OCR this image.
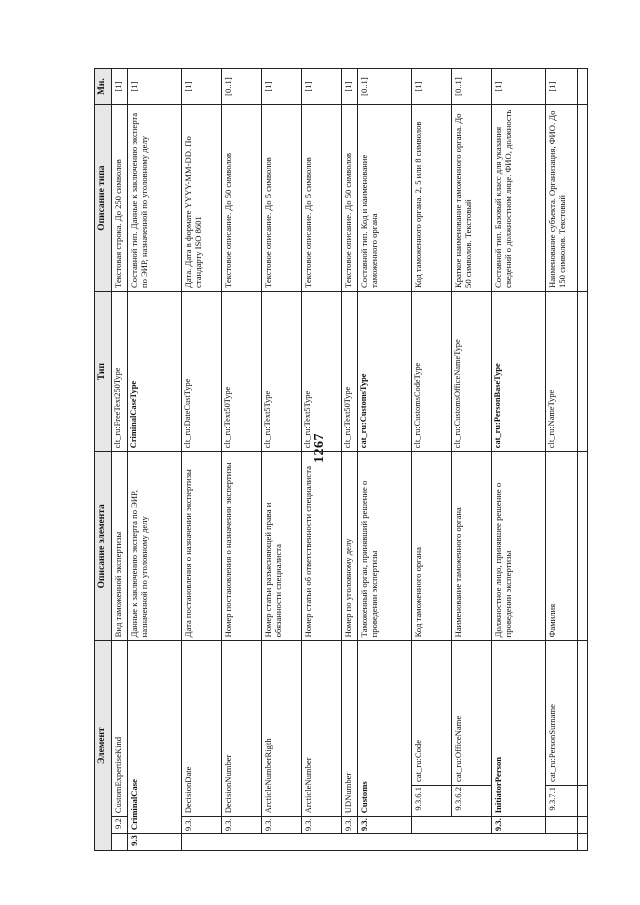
1267
Элемент				Описание элемента	Тип	Описание типа	Мн.
	9.2	CustomExpertiseKind		Вид таможенной экспертизы	clt_ru:FreeText250Type	Текстовая строка. До 250 символов	[1]
9.3	CriminalCase			Данные к заключению эксперта по ЭИР, назначенной по уголовному делу	CriminalCaseType	Составной тип. Данные к заключению эксперта по ЭИР, назначенной по уголовному делу	[1]
	9.3.	DecisionDate		Дата постановления о назначении экспертизы	clt_ru:DateCustType	Дата. Дата в формате YYYY-MM-DD. По стандарту ISO 8601	[1]
	9.3.	DecisionNumber		Номер постановления о назначении экспертизы	clt_ru:Text50Type	Текстовое описание. До 50 символов	[0..1]
	9.3.	ArcticleNumberRigth		Номер статьи разъясняющей права и обязанности специалиста	clt_ru:Text5Type	Текстовое описание. До 5 символов	[1]
	9.3.	ArcticleNumber		Номер статьи об ответственности специалиста	clt_ru:Text5Type	Текстовое описание. До 5 символов	[1]
	9.3.	UDNumber		Номер по уголовному делу	clt_ru:Text50Type	Текстовое описание. До 50 символов	[1]
	9.3.	Customs		Таможенный орган, принявший решение о проведении экспертизы	cat_ru:CustomsType	Составной тип. Код и наименование таможенного органа	[0..1]
		9.3.6.1	cat_ru:Code	Код таможенного органа	clt_ru:CustomsCodeType	Код таможенного органа. 2, 5 или 8 символов	[1]
		9.3.6.2	cat_ru:OfficeName	Наименование таможенного органа	clt_ru:CustomsOfficeNameType	Краткое наименование таможенного органа. До 50 символов. Текстовый	[0..1]
	9.3.	InitiatorPerson		Должностное лицо, принявшее решение о проведении экспертизы	cat_ru:PersonBaseType	Составной тип. Базовый класс для указания сведений о должностном лице. ФИО, должность	[1]
		9.3.7.1	cat_ru:PersonSurname	Фамилия	clt_ru:NameType	Наименование субъекта. Организация, ФИО. До 150 символов. Текстовый	[1]
